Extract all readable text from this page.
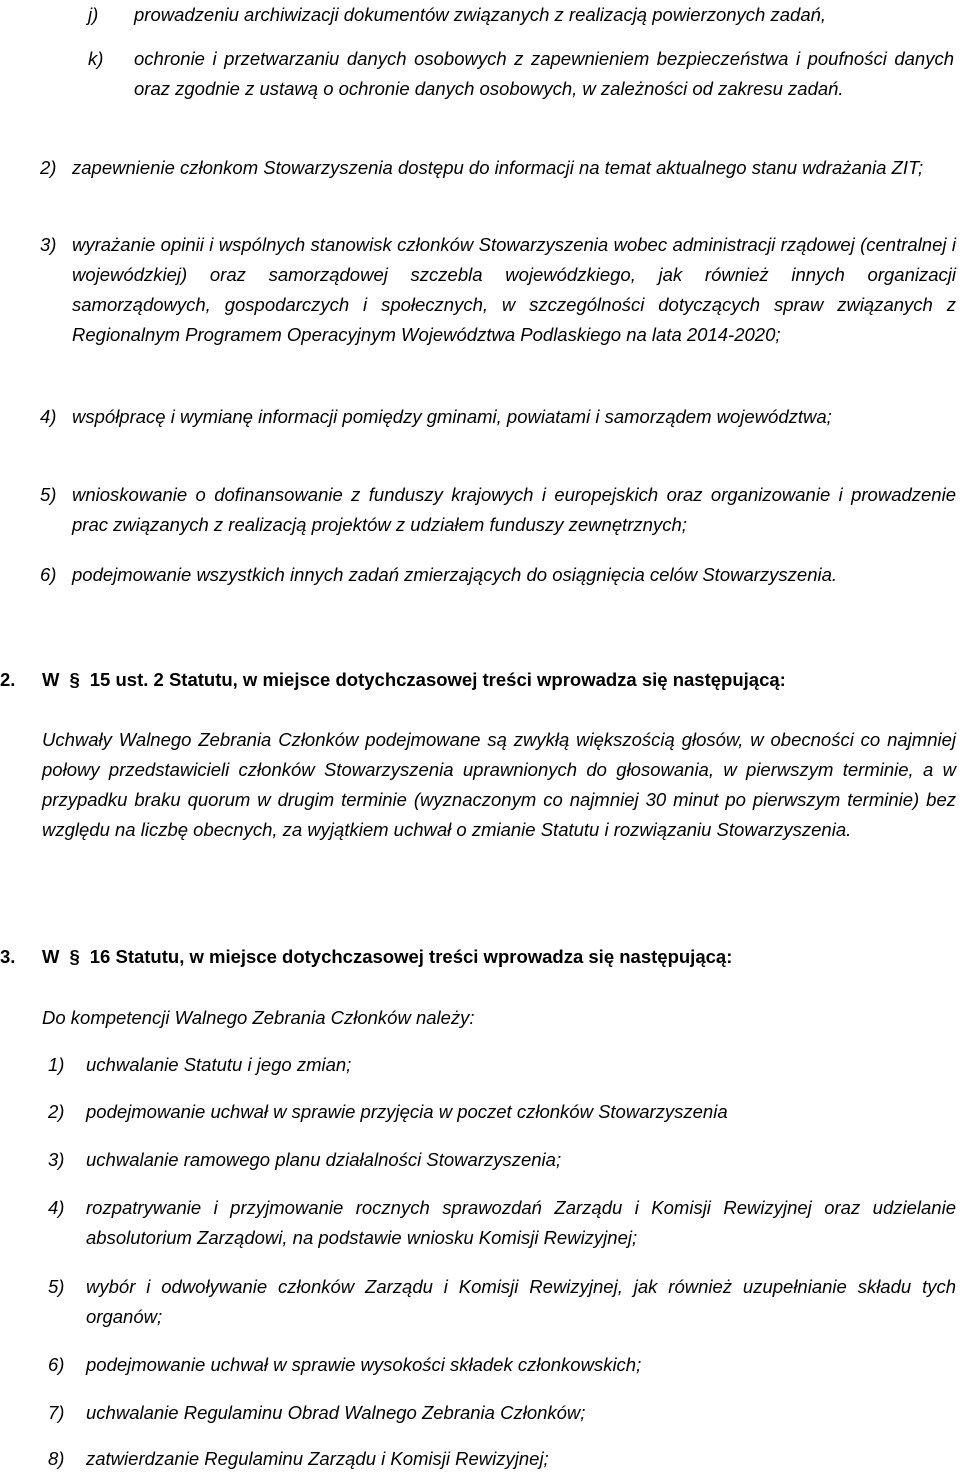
j)	prowadzeniu archiwizacji dokumentów związanych z realizacją powierzonych zadań,
k)	ochronie i przetwarzaniu danych osobowych z zapewnieniem bezpieczeństwa i poufności danych oraz zgodnie z ustawą o ochronie danych osobowych, w zależności od zakresu zadań.
2) zapewnienie członkom Stowarzyszenia dostępu do informacji na temat aktualnego stanu wdrażania ZIT;
3) wyrażanie opinii i wspólnych stanowisk członków Stowarzyszenia wobec administracji rządowej (centralnej i wojewódzkiej) oraz samorządowej szczebla wojewódzkiego, jak również innych organizacji samorządowych, gospodarczych i społecznych, w szczególności dotyczących spraw związanych z Regionalnym Programem Operacyjnym Województwa Podlaskiego na lata 2014-2020;
4) współpracę i wymianę informacji pomiędzy gminami, powiatami i samorządem województwa;
5) wnioskowanie o dofinansowanie z funduszy krajowych i europejskich oraz organizowanie i prowadzenie prac związanych z realizacją projektów z udziałem funduszy zewnętrznych;
6) podejmowanie wszystkich innych zadań zmierzających do osiągnięcia celów Stowarzyszenia.
2.	W § 15 ust. 2 Statutu, w miejsce dotychczasowej treści wprowadza się następującą:

Uchwały Walnego Zebrania Członków podejmowane są zwykłą większością głosów, w obecności co najmniej połowy przedstawicieli członków Stowarzyszenia uprawnionych do głosowania, w pierwszym terminie, a w przypadku braku quorum w drugim terminie (wyznaczonym co najmniej 30 minut po pierwszym terminie) bez względu na liczbę obecnych, za wyjątkiem uchwał o zmianie Statutu i rozwiązaniu Stowarzyszenia.

3.	W § 16 Statutu, w miejsce dotychczasowej treści wprowadza się następującą:

Do kompetencji Walnego Zebrania Członków należy:

1)	uchwalanie Statutu i jego zmian;
2)	podejmowanie uchwał w sprawie przyjęcia w poczet członków Stowarzyszenia
3)	uchwalanie ramowego planu działalności Stowarzyszenia;
4)	rozpatrywanie i przyjmowanie rocznych sprawozdań Zarządu i Komisji Rewizyjnej oraz udzielanie absolutorium Zarządowi, na podstawie wniosku Komisji Rewizyjnej;
5)	wybór i odwoływanie członków Zarządu i Komisji Rewizyjnej, jak również uzupełnianie składu tych organów;
6)	podejmowanie uchwał w sprawie wysokości składek członkowskich;
7)	uchwalanie Regulaminu Obrad Walnego Zebrania Członków;
8)	zatwierdzanie Regulaminu Zarządu i Komisji Rewizyjnej;
